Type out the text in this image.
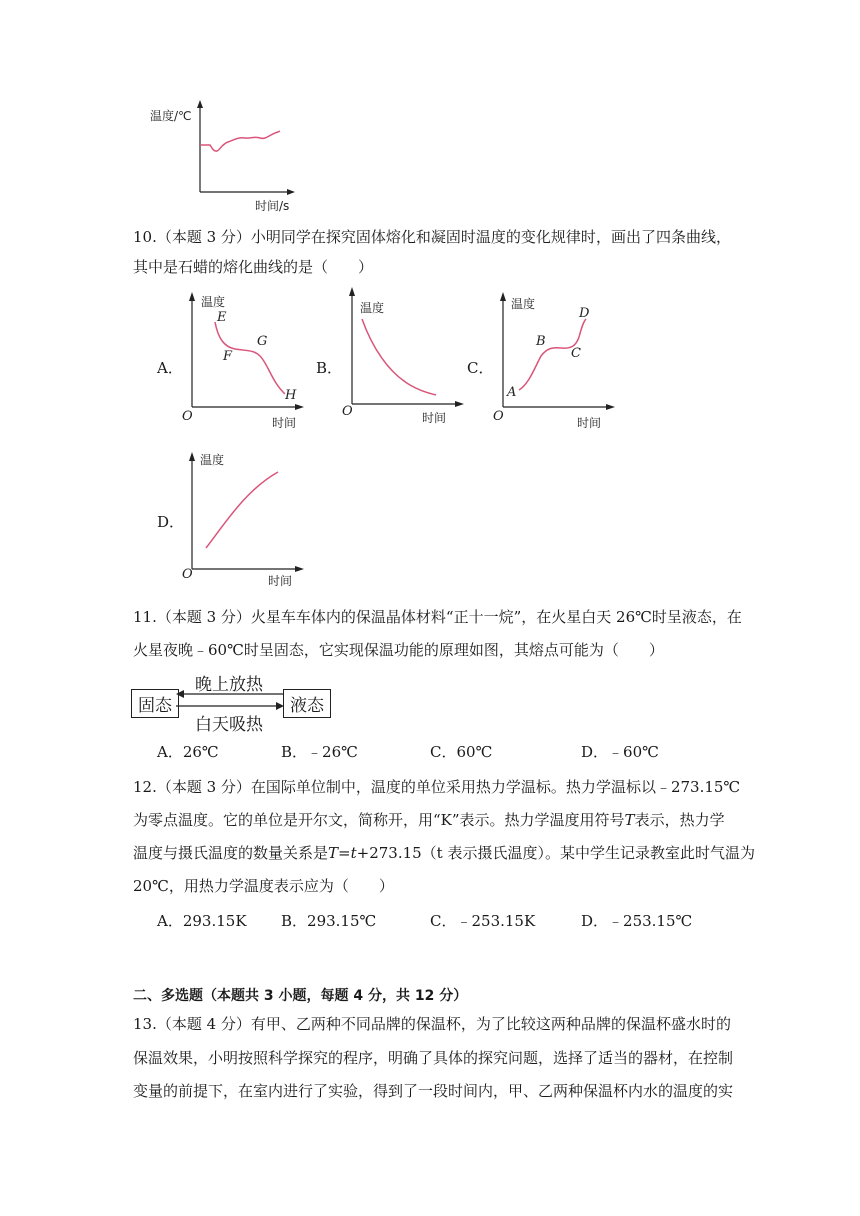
温度/℃
时间/s
10.（本题 3 分）小明同学在探究固体熔化和凝固时温度的变化规律时，画出了四条曲线，
其中是石蜡的熔化曲线的是（　　）
A．
温度
时间
O
E
F
G
H
B．
温度
时间
O
C．
温度
时间
O
A
B
C
D
D．
温度
时间
O
11.（本题 3 分）火星车车体内的保温晶体材料“正十一烷”，在火星白天 26℃时呈液态，在
火星夜晚﹣60℃时呈固态，它实现保温功能的原理如图，其熔点可能为（　　）
固态	液态
晚上放热
白天吸热
A．26℃	B．﹣26℃	C．60℃	D．﹣60℃
12.（本题 3 分）在国际单位制中，温度的单位采用热力学温标。热力学温标以﹣273.15℃
为零点温度。它的单位是开尔文，简称开，用“K”表示。热力学温度用符号T表示，热力学
温度与摄氏温度的数量关系是T=t+273.15（t 表示摄氏温度）。某中学生记录教室此时气温为
20℃，用热力学温度表示应为（　　）
A．293.15K B．293.15℃	C．﹣253.15K	D．﹣253.15℃
二、多选题（本题共 3 小题，每题 4 分，共 12 分）
13.（本题 4 分）有甲、乙两种不同品牌的保温杯，为了比较这两种品牌的保温杯盛水时的
保温效果，小明按照科学探究的程序，明确了具体的探究问题，选择了适当的器材，在控制
变量的前提下，在室内进行了实验，得到了一段时间内，甲、乙两种保温杯内水的温度的实
